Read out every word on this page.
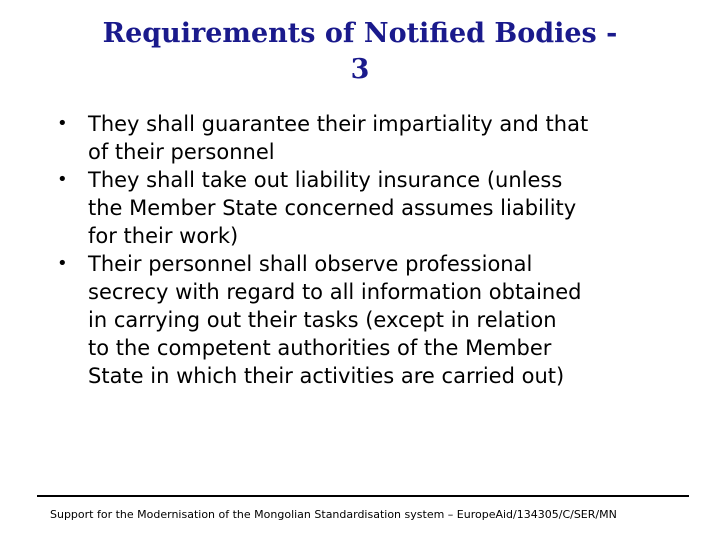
Requirements of Notified Bodies -
3
• They shall guarantee their impartiality and that
of their personnel
• They shall take out liability insurance (unless
the Member State concerned assumes liability
for their work)
• Their personnel shall observe professional
secrecy with regard to all information obtained
in carrying out their tasks (except in relation
to the competent authorities of the Member
State in which their activities are carried out)
Support for the Modernisation of the Mongolian Standardisation system – EuropeAid/134305/C/SER/MN
